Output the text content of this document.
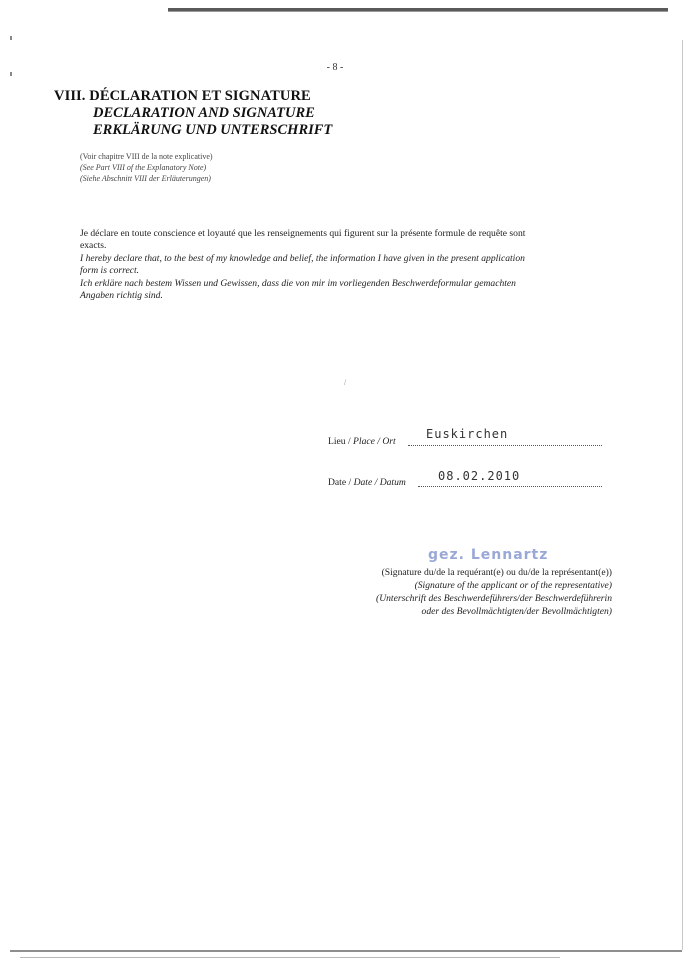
- 8 -
VIII. DÉCLARATION ET SIGNATURE
DECLARATION AND SIGNATURE
ERKLÄRUNG UND UNTERSCHRIFT
(Voir chapitre VIII de la note explicative)
(See Part VIII of the Explanatory Note)
(Siehe Abschnitt VIII der Erläuterungen)
Je déclare en toute conscience et loyauté que les renseignements qui figurent sur la présente formule de requête sont
exacts.
I hereby declare that, to the best of my knowledge and belief, the information I have given in the present application
form is correct.
Ich erkläre nach bestem Wissen und Gewissen, dass die von mir im vorliegenden Beschwerdeformular gemachten
Angaben richtig sind.
/
Lieu / Place / Ort
Euskirchen
Date / Date / Datum	08.02.2010
gez. Lennartz
(Signature du/de la requérant(e) ou du/de la représentant(e))
(Signature of the applicant or of the representative)
(Unterschrift des Beschwerdeführers/der Beschwerdeführerin
oder des Bevollmächtigten/der Bevollmächtigten)
